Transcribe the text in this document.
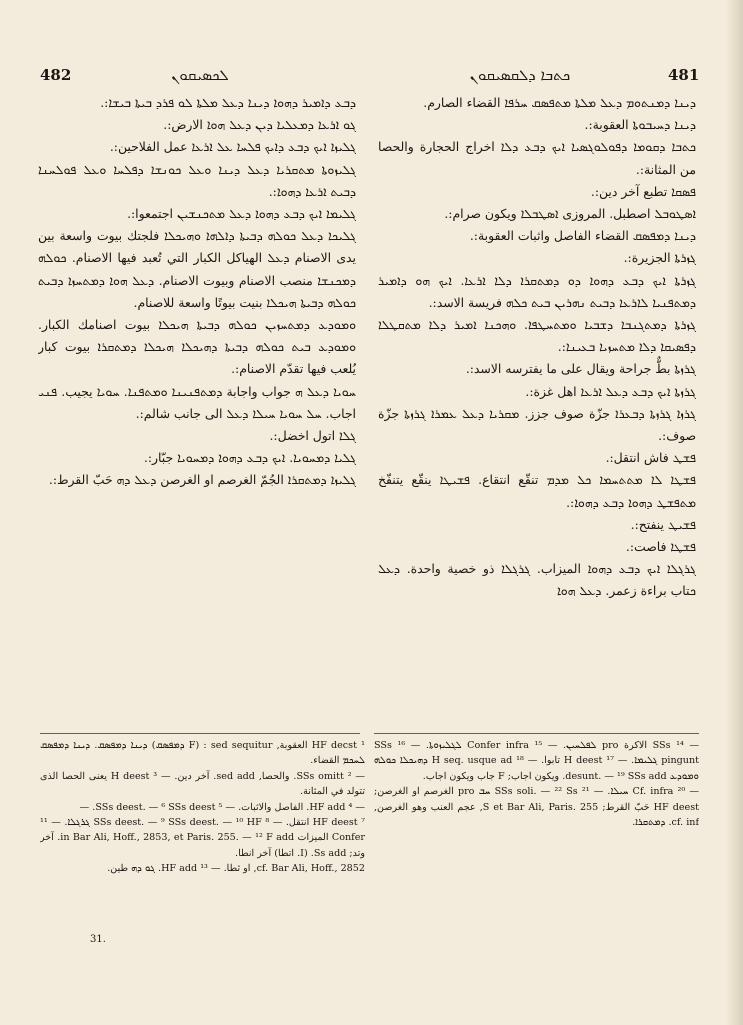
482	ܠܟܣܝܩܘܢ	ܟܬܒܐ ܕܠܩܣܝܩܘܢ	481

ܕܝܢܐ ܕܡܢܬܘܡ ܕܥܠ ܡܠܬܐ ܡܬܦܣܩ ܚܪܦܐ القضاء الصارم.

ܕܝܢܐ ܕܚܝܒܘܬܐ العقوبة:.

ܟܬܒܐ ܕܩܘܡܐ ܕܦܘܠܘܓܣܝܐ ܐܝܟ ܕܒܥ ܕܠܐ اخراج الحجارة والحصا من المثانة:.

ܦܣܩܐ تطبع آخر دين:.

ܐܣܛܘܒܠ اصطبل. المروزى ܐܣܛܒܠܐ ويكون صرام:.

ܕܝܢܐ ܕܡܦܣܩ القضاء الفاصل واثبات العقوبة:.

ܓܙܪܬܐ الجزيرة:.

ܓܙܪܬܐ ܐܝܟ ܕܒܥ ܕܗܘܐ ܕܘ ܕܡܬܩܪܐ ܕܠܐ ܐܪܥܐ. ܐܝܟ ܗܘ ܕܐܡܝܪ ܕܡܬܦܢܝܐ ܠܐܪܥܐ ܕܒܝܬ ܢܗܪܝܢ ܒܝܬ ܟܠܗ فريسة الاسد:.

ܓܙܪܬܐ ܕܡܬܓܢܒܐ ܕܫܒܝܐ ܘܡܬܚܛܦܐ. ܘܗܟܢܐ ܐܡܝܪ ܕܠܐ ܡܬܩܛܠܐ ܕܦܣܝܩܐ ܕܠܐ ܡܬܚܙܝܐ ܒܥܝܢܐ:.

ܓܪܙܬܐ بطٌّ جراحة ويقال على ما يفترسه الاسد:.

ܓܪܙܬܐ ܐܝܟ ܕܒܥ ܕܥܠ ܐܪܥܐ اهل غزة:.

ܓܪܙܐ ܓܪܙܬܐ ܕܒܥܪܐ جزّة صوف جزز. ܡܩܪܝܐ ܕܥܠ ܥܡܪܐ ܓܪܙܬܐ جزّة صوف:.

ܦܫܛ فاش انتقل:.

ܦܫܛܐ ܠܐ ܡܬܬܚܡܐ ܟܠ ܡܕܡ تنقّع انتقاع. ܦܫܝܛܐ ينقّع يتنفّخ ܡܬܦܫܛ ܕܗܘܐ ܕܒܥ ܕܗܘܐ:.

ܦܫܝܛ ينفتح:.

ܦܫܛܐ فاصت:.

ܓܪܓܠܐ ܐܝܟ ܕܒܥ ܕܗܘܐ الميزاب. ܓܪܓܠܐ ذو خصية واحدة. ܕܥܠ ܟتاب براءة زعمر. ܕܥܠ ܗܘܐ

ܕܒܥ ܕܐܡܝܪ ܕܗܘܐ ܕܝܢܐ ܕܥܠ ܡܠܬܐ ܠܘ ܦܪܕ ܒܝܬܐ ܒܝܫܐ:.

ܓܘ ܐܪܥܐ ܕܡܥܠܝܐ ܕܝܢ ܕܥܠ ܗܘܐ الارض:.

ܓܠܝܙܐ ܐܝܟ ܕܒܥ ܕܐܝܟ ܦܠܚܐ ܥܠ ܐܪܥܐ عمل الفلاحين:.

ܓܠܝܙܘܬܐ ܡܬܩܪܝܐ ܕܥܠ ܕܝܢܐ ܘܥܠ ܟܘܢܫܐ ܕܦܠܚܐ ܘܥܠ ܦܘܠܚܢܐ ܕܒܝܬ ܐܪܥܐ ܕܗܘܐ:.

ܓܠܝܡܐ ܐܝܟ ܕܒܥ ܕܗܘܐ ܕܥܠ ܡܬܟܢܫܝܢ اجتمعوا:.

ܓܠܝܟܐ ܕܥܠ ܟܘܠܗ ܕܒܝܬܐ ܕܐܠܗܐ ܘܗܝܟܠܐ فلجتك بيوت واسعة بين يدى الاصنام ܕܥܠ الهياكل الكبار التي تُعبد فيها الاصنام. ܟܘܠܗ ܕܡܟܢܫܐ منصب الاصنام وبيوت الاصنام. ܕܥܠ ܗܘܐ ܕܡܬܚܙܐ ܕܒܝܬ ܟܘܠܗ ܕܒܝܬܐ ܗܝܟܠܐ بنيت بيوتًا واسعة للاصنام.

ܘܡܘܕܥ ܕܡܬܚܙܝܢ ܟܘܠܗ ܕܒܝܬܐ ܗܝܟܠܐ بيوت اصنامك الكبار. ܘܡܘܕܥ ܒܝܬ ܟܘܠܗ ܕܒܝܬܐ ܕܗܝܟܠܐ ܗܝܟܠܐ ܕܡܬܩܪܐ بيوت كبار يُلعب فيها تقدّم الاصنام:.

ܚܘܝܐ ܕܥܠ ܗ جواب واجابة ܕܡܬܦܢܝܢܐ ܘܡܬܦܢܐ. ܚܘܝܐ يجيب. ܦܢܝ اجاب. ܚܠ ܚܘܝܐ ܚܝܠܐ ܕܥܠ الى جانب شالم:.

ܓܠܐ اتول اخضل:.

ܓܠܝܐ ܕܡܚܘܝܐ. ܐܝܟ ܕܒܥ ܕܗܘܐ ܕܡܚܘܝܐ جبّار:.

ܓܠܝܙܐ ܕܡܬܩܪܐ الجُمّ الغرصم او الغرصن ܕܥܠ ܕܗ حَبّ القرط:.

¹ HF decst العقوبة, sed sequitur : (F ܕܡܦܣܩ) ܕܝܢܐ ܕܡܦܣܩ. ܕܝܢܐ ܕܡܦܣܩ ܠܚܟܡ القضاء.
— ² SSs omitt. والحصا, sed add. آخر دين. — ³ H deest يعنى الحصا الذى تتولد في المثانة.
— ⁴ HF add. الفاصل والاثبات. — ⁵ SSs deest. — ⁶ SSs deest. —
⁷ HF deest انتقل. — ⁸ SSs deest. — ⁹ SSs deest. — ¹⁰ HF ܓܪܓܠܐ. — ¹¹ Confer الميزات in Bar Ali, Hoff., 2853, et Paris. 255. — ¹² F add. آخر وتد; Ss add. (I. اتطا) آخر انطا.
cf. Bar Ali, Hoff., 2852, او ثطا. — ¹³ HF add. ܓܘ ܕܗ طين.
— ¹⁴ SSs الاكرة pro ܠܦܠܚܝܢ. — ¹⁵ Confer infra ܠܓܠܝܙܘܬܐ. — ¹⁶ SSs pingunt ܓܠܝܡܐ. — ¹⁷ H deest تابوا. — ¹⁸ H seq. usque ad ܕܗܝܟܠܐ ܟܘܠܗ ܘܡܘܕܥ desunt. — ¹⁹ SSs add. ويكون اجاب; F جاب ويكون اجاب.
— ²⁰ Cf. infra ܚܝܠܐ. — ²¹ SSs soli. — ²² Ss ܚܒ pro الغرصم او الغرصن; HF deest حَبّ القرط; S et Bar Ali, Paris. 255, عجم العنب وهو الغرصن, cf. inf. ܕܡܬܩܪܐ.
31.
